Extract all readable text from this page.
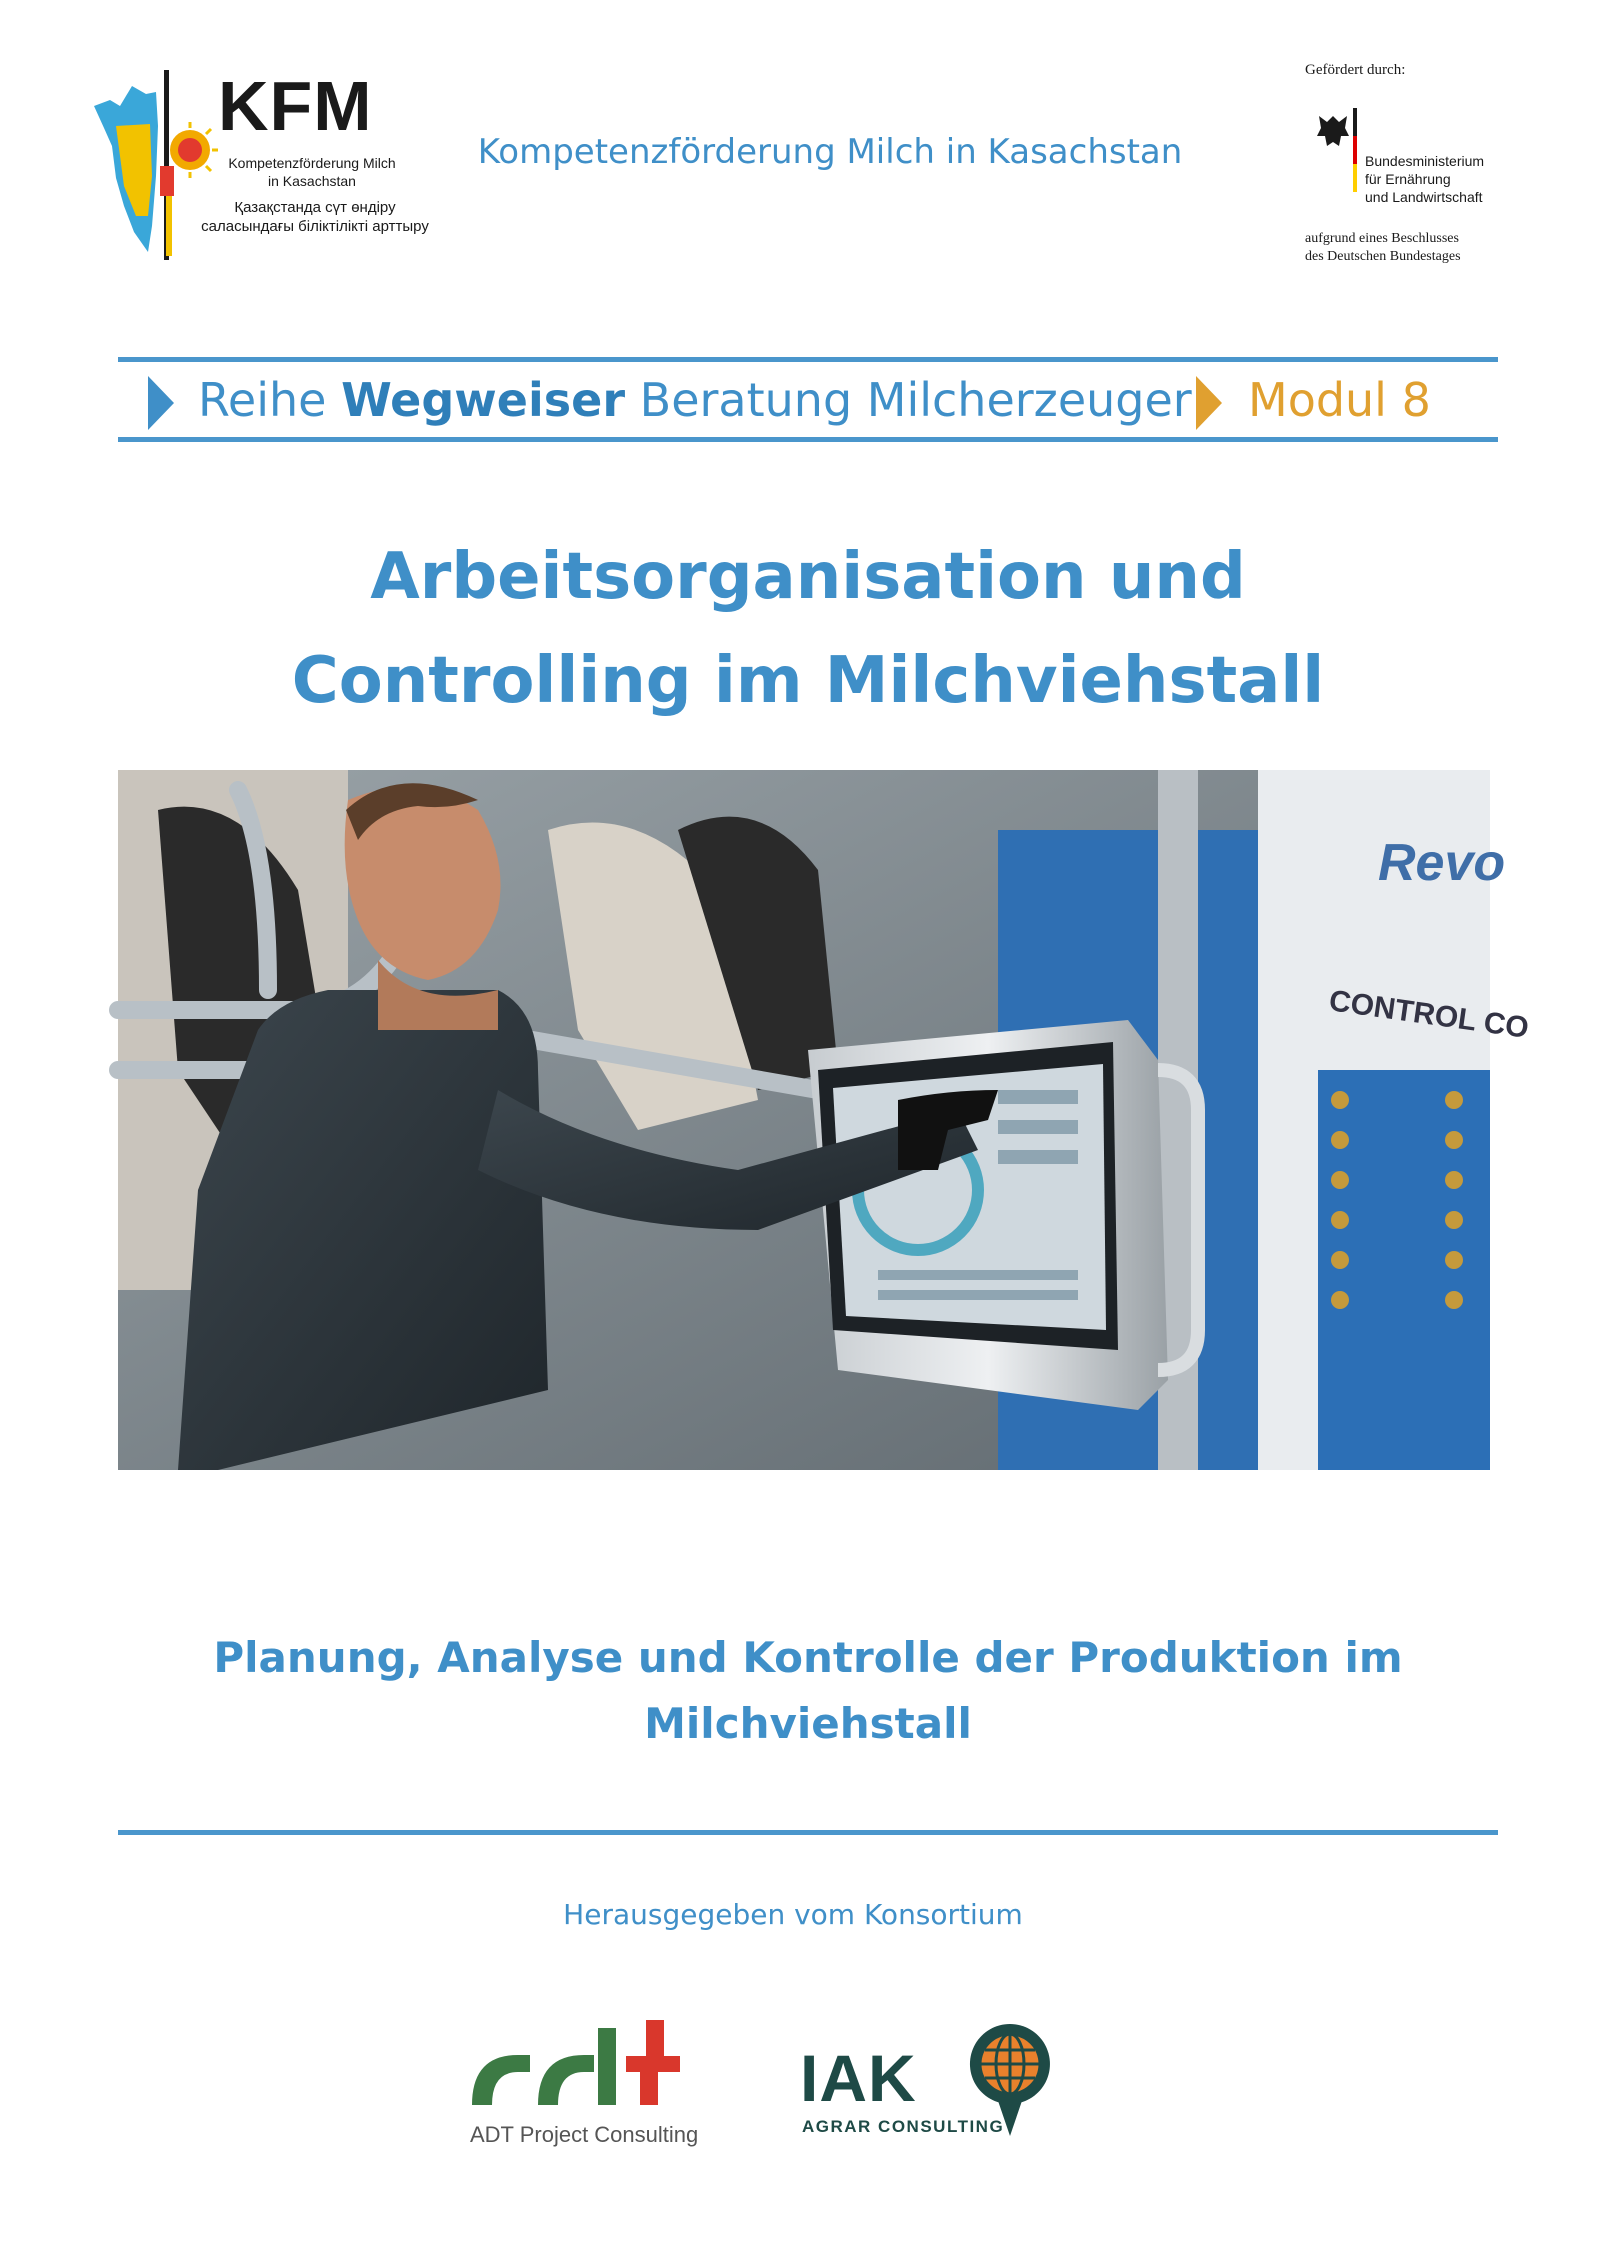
KFM
Kompetenzförderung Milch
in Kasachstan
Қазақстанда сүт өндіру
саласындағы біліктілікті арттыру
Kompetenzförderung Milch in Kasachstan
Gefördert durch:
Bundesministerium
für Ernährung
und Landwirtschaft
aufgrund eines Beschlusses
des Deutschen Bundestages
Reihe Wegweiser Beratung Milcherzeuger Modul 8
Arbeitsorganisation und
Controlling im Milchviehstall
Revo
CONTROL CO
Planung, Analyse und Kontrolle der Produktion im
Milchviehstall
Herausgegeben vom Konsortium
ADT Project Consulting
IAK
AGRAR CONSULTING
